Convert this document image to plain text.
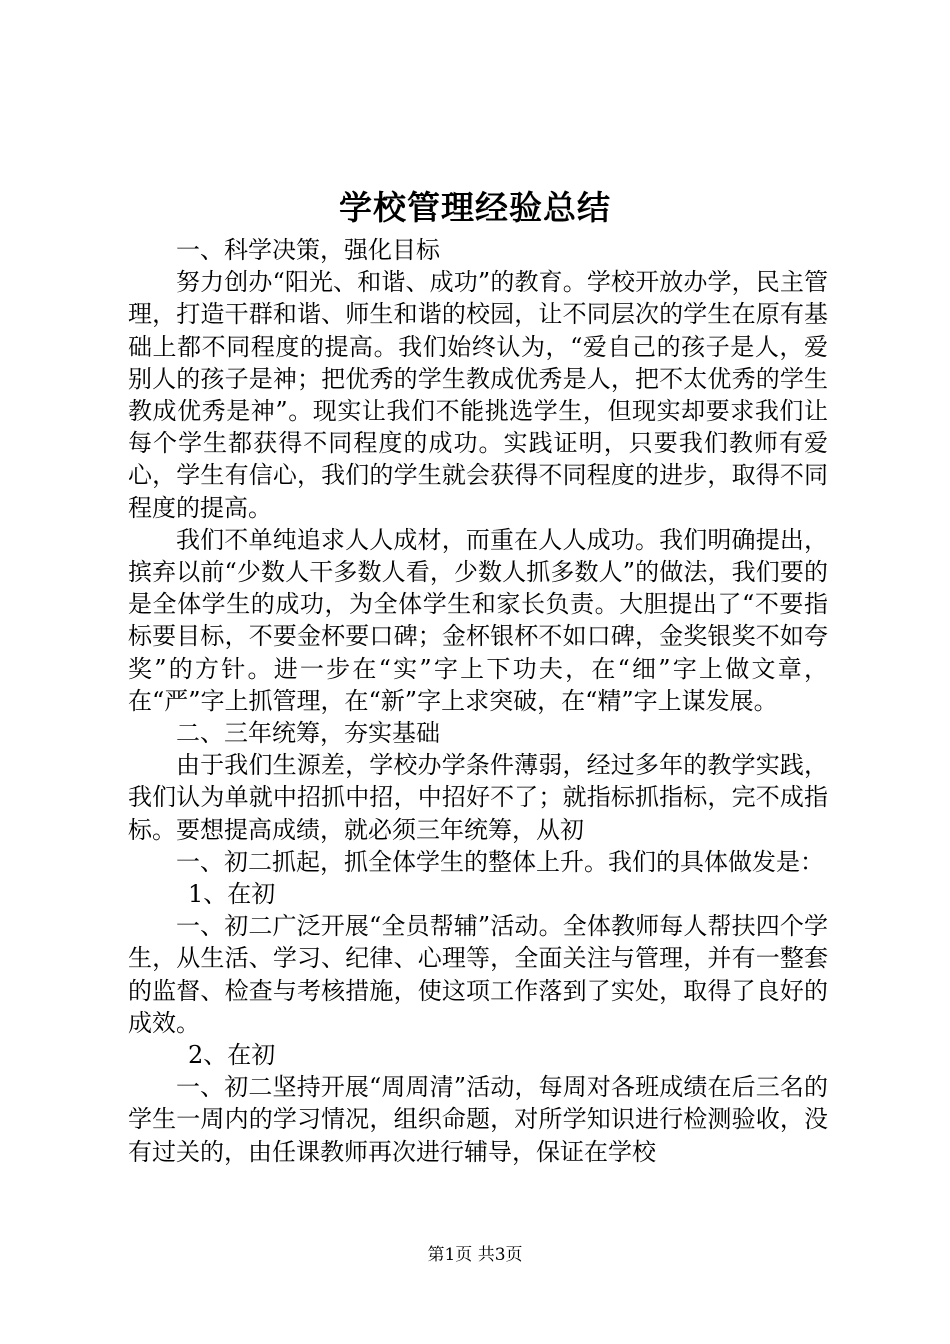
学校管理经验总结

一、科学决策，强化目标

努力创办“阳光、和谐、成功”的教育。学校开放办学，民主管理，打造干群和谐、师生和谐的校园，让不同层次的学生在原有基础上都不同程度的提高。我们始终认为，“爱自己的孩子是人，爱别人的孩子是神；把优秀的学生教成优秀是人，把不太优秀的学生教成优秀是神”。现实让我们不能挑选学生，但现实却要求我们让每个学生都获得不同程度的成功。实践证明，只要我们教师有爱心，学生有信心，我们的学生就会获得不同程度的进步，取得不同程度的提高。

我们不单纯追求人人成材，而重在人人成功。我们明确提出，摈弃以前“少数人干多数人看，少数人抓多数人”的做法，我们要的是全体学生的成功，为全体学生和家长负责。大胆提出了“不要指标要目标，不要金杯要口碑；金杯银杯不如口碑，金奖银奖不如夸奖”的方针。进一步在“实”字上下功夫，在“细”字上做文章，在“严”字上抓管理，在“新”字上求突破，在“精”字上谋发展。

二、三年统筹，夯实基础

由于我们生源差，学校办学条件薄弱，经过多年的教学实践，我们认为单就中招抓中招，中招好不了；就指标抓指标，完不成指标。要想提高成绩，就必须三年统筹，从初

一、初二抓起，抓全体学生的整体上升。我们的具体做发是：

1、在初

一、初二广泛开展“全员帮辅”活动。全体教师每人帮扶四个学生，从生活、学习、纪律、心理等，全面关注与管理，并有一整套的监督、检查与考核措施，使这项工作落到了实处，取得了良好的成效。

2、在初

一、初二坚持开展“周周清”活动，每周对各班成绩在后三名的学生一周内的学习情况，组织命题，对所学知识进行检测验收，没有过关的，由任课教师再次进行辅导，保证在学校

第1页 共3页
